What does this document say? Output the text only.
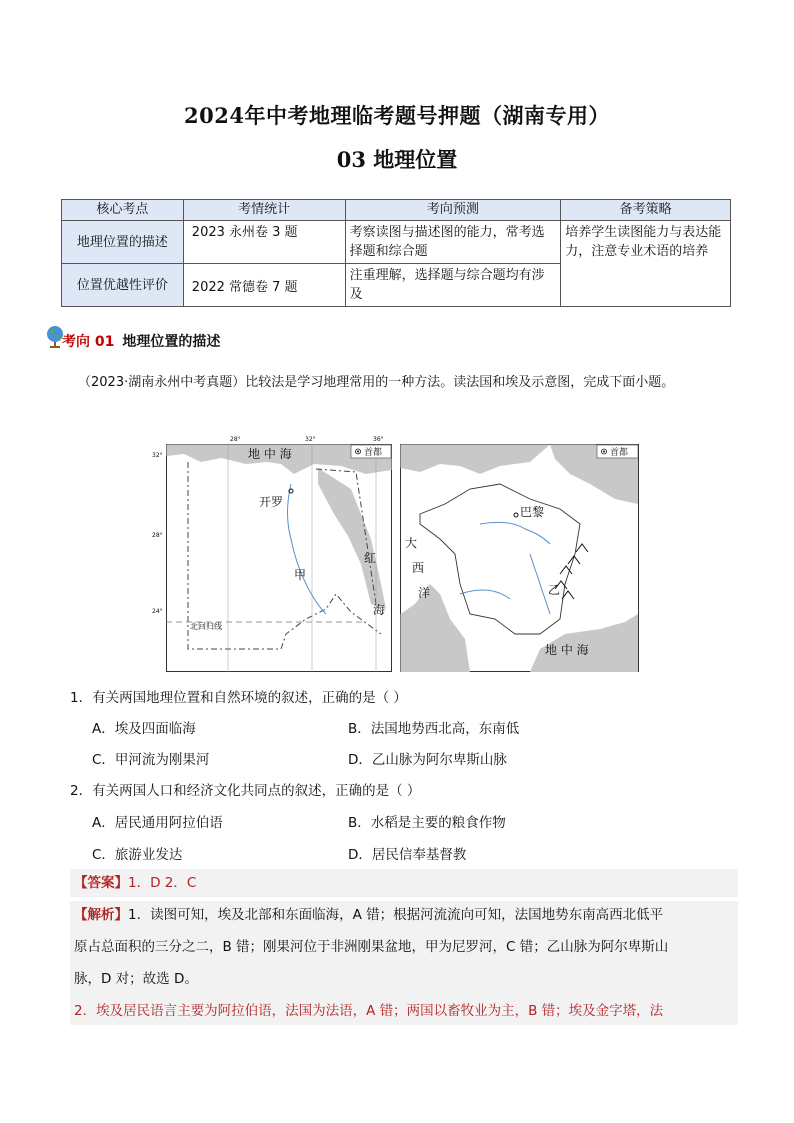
2024年中考地理临考题号押题（湖南专用）
03 地理位置
核心考点	考情统计	考向预测	备考策略
地理位置的描述	2023 永州卷 3 题	考察读图与描述图的能力，常考选择题和综合题	培养学生读图能力与表达能力，注意专业术语的培养
位置优越性评价	2022 常德卷 7 题	注重理解，选择题与综合题均有涉及	
考向 01 地理位置的描述
（2023·湖南永州中考真题）比较法是学习地理常用的一种方法。读法国和埃及示意图，完成下面小题。
首都
地 中 海
开罗
甲
红
海
北回归线
28°	32°	36°
32°
28°
24°
首都
巴黎
大
西
洋	乙
地 中 海
1．有关两国地理位置和自然环境的叙述，正确的是（ ）
A．埃及四面临海	B．法国地势西北高，东南低
C．甲河流为刚果河	D．乙山脉为阿尔卑斯山脉
2．有关两国人口和经济文化共同点的叙述，正确的是（ ）
A．居民通用阿拉伯语	B．水稻是主要的粮食作物
C．旅游业发达	D．居民信奉基督教
【答案】1．D 2．C
【解析】1．读图可知，埃及北部和东面临海，A 错；根据河流流向可知，法国地势东南高西北低平
原占总面积的三分之二，B 错；刚果河位于非洲刚果盆地，甲为尼罗河，C 错；乙山脉为阿尔卑斯山
脉，D 对；故选 D。
2．埃及居民语言主要为阿拉伯语，法国为法语，A 错；两国以畜牧业为主，B 错；埃及金字塔，法
